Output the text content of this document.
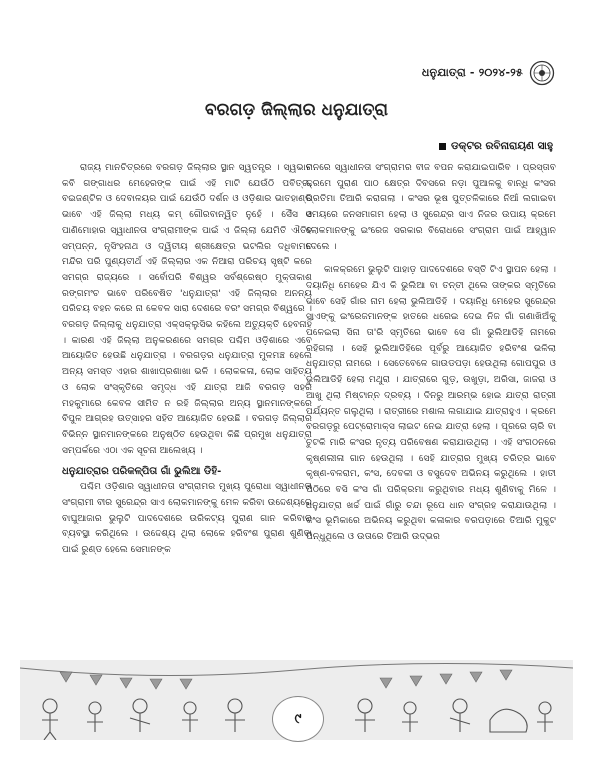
ଧନୁଯାତ୍ରା - ୨୦୨୪-୨୫
ବରଗଡ଼ ଜିଲ୍ଲାର ଧନୁଯାତ୍ରା
ଡକ୍ଟର ରବିନାରାୟଣ ସାହୁ

ରାଜ୍ୟ ମାନଚିତ୍ରରେ ବରଗଡ଼ ଜିଲ୍ଲାର ସ୍ଥାନ ସ୍ୱତନ୍ତ୍ର । ସ୍ୱଭାବ କବି ଗଙ୍ଗାଧର ମେହେରଙ୍କ ପାଇଁ ଏହି ମାଟି ଯେଉଁଠି ପବିତ୍ର, ବଇଜଣ୍ଟିଳ ଓ ଦେବାଳୟର ପାଇଁ ଯେଉଁଠି ଦର୍ଶନ ଓ ଓଡ଼ିଶାର ଭାତହାଣ୍ଡି ଭାବେ ଏହି ଜିଲ୍ଲା ମଧ୍ୟ କମ୍ ଗୌରବାନ୍ୱିତ ନୁହେଁ । ସୈଁସ ଓ ପାଣିମୋହାର ସ୍ୱାଧୀନତା ସଂଗ୍ରାମୀଙ୍କ ପାଇଁ ଏ ଜିଲ୍ଲା ଯେମିତି ଐତିହ ସମ୍ପନ୍ନ, ନୃସିଂହନାଥ ଓ ଦ୍ୱିତୀୟ ଶ୍ରୀକ୍ଷେତ୍ର ଭଟଲିର ଦଧିବାମନ ମନ୍ଦିର ପରି ପୁଣ୍ୟତୀର୍ଥ ଏହି ଜିଲ୍ଲାର ଏକ ନିଆରା ପରିଚୟ ସୃଷ୍ଟି କରେ ସମଗ୍ର ରାଜ୍ୟରେ । ସର୍ବୋପରି ବିଶ୍ୱର ସର୍ବଶ୍ରେଷ୍ଠ ମୁକ୍ତାକାଶ ରଙ୍ଗମଂଚ ଭାବେ ପରିବେଷିତ 'ଧନୁଯାତ୍ରା' ଏହି ଜିଲ୍ଲାର ଅନନ୍ୟ ପରିଚୟ ବହନ କରେ ନା କେବଳ ସାରା ଦେଶରେ ବରଂ ସମଗ୍ର ବିଶ୍ୱରେ । ବରଗଡ଼ ଜିଲ୍ଲାକୁ ଧନୁଯାତ୍ରା ଏକ୍ସକ୍ଲୁସିଭ କହିଲେ ଅତ୍ୟୁକ୍ତି ହେବନାହିଁ । କାରଣ ଏହି ଜିଲ୍ଲା ଅନୁକରଣରେ ସମଗ୍ର ପଶ୍ଚିମ ଓଡ଼ିଶାରେ ଏବେ ଆୟୋଜିତ ହେଉଛି ଧନୁଯାତ୍ରା । ବରଗଡ଼ର ଧନୁଯାତ୍ରା ମୁଳମଞ୍ଚ ହେଲେ ଅନ୍ୟ ସମସ୍ତ ଏହାର ଶାଖାପ୍ରଶାଖା ଭଳି । ଲୋକକଳା, ଲୋକ ସାହିତ୍ୟ ଓ ଲୋକ ସଂସ୍କୃତିରେ ସମୃଦ୍ଧ ଏହି ଯାତ୍ରା ଆଜି ବରଗଡ଼ ସହର ମହକୁମାରେ କେବଳ ସୀମିତ ନ ରହି ଜିଲ୍ଲାର ଅନ୍ୟ ସ୍ଥାନମାନଙ୍କରେ ବିପୁଳ ଆଗ୍ରହ ଉତ୍ସାହର ସହିତ ଆୟୋଜିତ ହେଉଛି । ବରଗଡ଼ ଜିଲ୍ଲାର ବିଭିନ୍ନ ସ୍ଥାନମାନଙ୍କରେ ଅନୁଷ୍ଠିତ ହେଉଥିବା କିଛି ପ୍ରମୁଖ ଧନୁଯାତ୍ରା ସମ୍ପର୍କରେ ଏଠା ଏକ ସୂଚନା ଆଲେଖ୍ୟ ।

ଧନୁଯାତ୍ରାର ପରିକଳ୍ପିତା ଗାଁ ଭୁଲିଆ ଡିହି-

ପଶ୍ଚିମ ଓଡ଼ିଶାର ସ୍ୱାଧୀନତା ସଂଗ୍ରାମର ମୁଖ୍ୟ ପୁରୋଧା ସ୍ୱାଧୀନତା ସଂଗ୍ରାମୀ ବୀର ସୁରେନ୍ଦ୍ର ସାଏ ଲୋକମାନଙ୍କୁ ମେଳ କରିବା ଉଦ୍ଦେଶ୍ୟରେ ବାଘୁଆଜାର ଭୁଲୁଟି ପାଦଦେଶରେ ଉରିକଟ୍ୟ ପୁରାଣ ଗାନ କରିବାର ବ୍ୟବସ୍ଥା କରିଥିଲେ । ଉଦ୍ଦେଶ୍ୟ ଥିଲା ଲୋକେ ହରିବଂଶ ପୁରାଣ ଶୁଣିବା ପାଇଁ ରୁଣ୍ଡ ହେଲେ ସେମାନଙ୍କ

ମନରେ ସ୍ୱାଧୀନତା ସଂଗ୍ରାମର ବୀଜ ବପନ କରାଯାଇପାରିବ । ପ୍ରସ୍ତାବ କ୍ରମେ ପୁରାଣ ପାଠ କ୍ଷେତ୍ର ଦିବସରେ ନଡ଼ା ପୁଆଳକୁ ବାନ୍ଧି କଂସର ପ୍ରତିମା ତିଆରି କରାଗଲା । କଂସର ଭୂଷ ପୁତ୍ତଳିକାରେ ନିଆଁ ଲଗାଇବା ସମୟରେ ଜନସମାଗମ ହେଲା ଓ ସୁରେନ୍ଦ୍ର ସାଏ ନିଜର ଉପାୟ କ୍ରମେ ଲୋକମାନଙ୍କୁ ଇଂରେଜ ସରକାର ବିରୋଧରେ ସଂଗ୍ରାମ ପାଇଁ ଆହ୍ୱାନ ଦେଲେ ।

କାଳକ୍ରମେ ଭୁଲୁଟି ପାହାଡ଼ ପାଦଦେଶରେ ବସ୍ତି ଟିଏ ସ୍ଥାପନ ହେଲା । ଦୟାନିଧି ମେହେର ଯିଏ କି ଭୁଲିଆ ବା ତନ୍ତୀ ଥିଲେ ତାଙ୍କର ସ୍ମୃତିରେ ଭାବେ ସେହି ଗାଁର ନାମ ହେଲା ଭୁଲିଆଡିହି । ଦୟାନିଧି ମେହେର ସୁରେନ୍ଦ୍ର ସାଏଙ୍କୁ ଇଂରେଜମାନଙ୍କ ହାତରେ ଧରେଇ ଦେଇ ନିଜ ଗାଁ ଗଣାଖିଅଁକୁ ପଳେଇଲା ସିନା ତା'ରି ସ୍ମୃତିରେ ଭାବେ ସେ ଗାଁ ଭୁଲିଆଡିହି ନାମରେ ରହିଗଲା । ସେହି ଭୁଲିଆଡିହିରେ ପୂର୍ବରୁ ଆୟୋଜିତ ହରିବଂଶ ଭଳିଲା ଧନୁଯାତ୍ରା ନାମରେ । ସେତେବେଳେ ଗାଉଡପଡ଼ା ହେଉଥିଲା ଗୋପପୁର ଓ ଭୁଲିଆଡିହି ହେଲା ମଥୁରା । ଯାତ୍ରାରେ ଗୁଡ଼, ଉଖୁଡ଼ା, ଅରିସା, ଜାଜରା ଓ ଆଖୁ ଥିଲା ମିଷ୍ଟାନ୍ନ ଦ୍ରବ୍ୟ । ଦିନରୁ ଆରମ୍ଭ ହୋଇ ଯାତ୍ରା ରାତ୍ରୀ ପର୍ଯ୍ୟନ୍ତ ଗଲୁଥିଲା । ରାତ୍ରୀରେ ମଶାଲ ଲଗାଯାଇ ଯାତ୍ରାହୁଏ । କ୍ରମେ ବରଗଡ଼ରୁ ପେଟ୍ରୋମାକ୍ସ ଲାଇଟ ନେଇ ଯାତ୍ରା ହେଲା । ପୂରରେ ଚାରି ବା ଚୁଟକି ମାରି କଂସର ନୃତ୍ୟ ପରିବେଷଣ କରାଯାଉଥିଲା । ଏହି ସଂଗଠନରେ କୃଷ୍ଣଲୀଳା ଗାନ ହେଉଥିଲା । ସେହି ଯାତ୍ରାର ମୁଖ୍ୟ ଚରିତ୍ର ଭାବେ କୃଷ୍ଣ-ବଳରାମ, କଂସ, ଦେବକୀ ଓ ବସୁଦେବ ଅଭିନୟ କରୁଥିଲେ । ହାତୀ ପିଠିରେ ବସି କଂସ ଗାଁ ପରିକ୍ରମା କରୁଥିବାର ମଧ୍ୟ ଶୁଣିବାକୁ ମିଳେ । ଧନୁଯାତ୍ରା ଖର୍ଚ୍ଚ ପାଇଁ ଗାଁରୁ ଚନ୍ଦା ରୂପେ ଧାନ ସଂଗ୍ରହ କରାଯାଉଥିଲା । କଂସ ଭୂମିକାରେ ଅଭିନୟ କରୁଥିବା କଳାକାର ବରପଡ଼ାରେ ତିଆରି ମୁକୁଟ ପିନ୍ଧୁଥିଲେ ଓ ଉତାରେ ତିଆରି ଉଦ୍ଭର

୯
